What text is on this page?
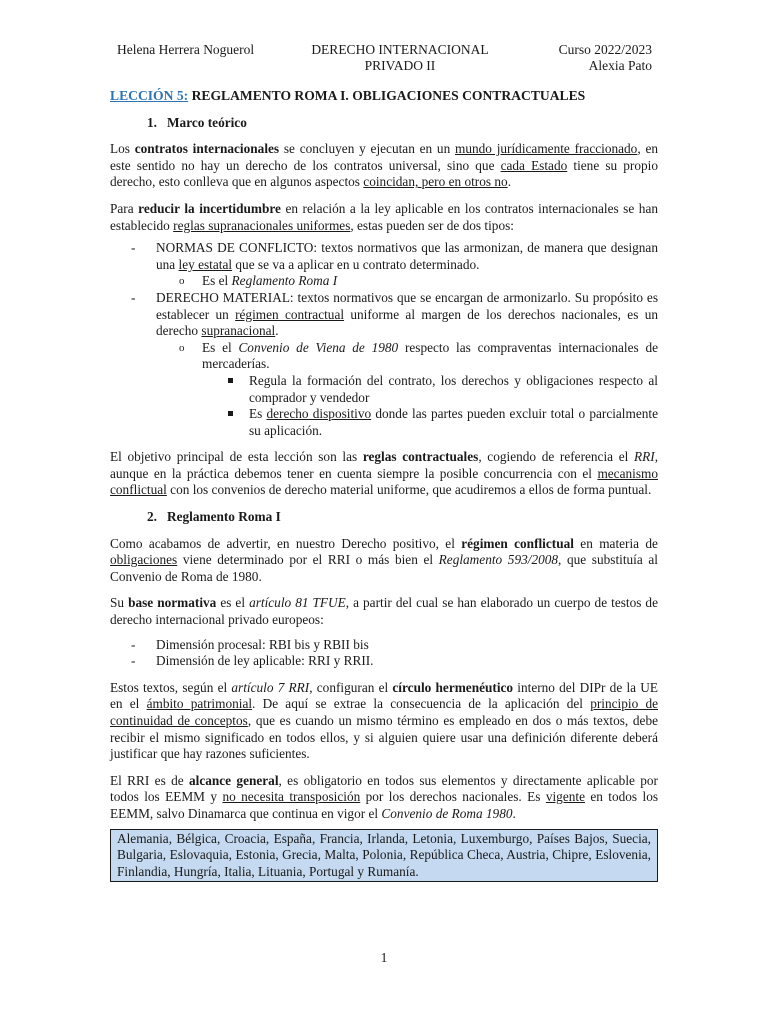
Helena Herrera Noguerol	DERECHO INTERNACIONAL
PRIVADO II
Curso 2022/2023
Alexia Pato
LECCIÓN 5: REGLAMENTO ROMA I. OBLIGACIONES CONTRACTUALES
1. Marco teórico

Los contratos internacionales se concluyen y ejecutan en un mundo jurídicamente fraccionado, en este sentido no hay un derecho de los contratos universal, sino que cada Estado tiene su propio derecho, esto conlleva que en algunos aspectos coincidan, pero en otros no.

Para reducir la incertidumbre en relación a la ley aplicable en los contratos internacionales se han establecido reglas supranacionales uniformes, estas pueden ser de dos tipos:

- NORMAS DE CONFLICTO: textos normativos que las armonizan, de manera que designan una ley estatal que se va a aplicar en u contrato determinado.
o Es el Reglamento Roma I
- DERECHO MATERIAL: textos normativos que se encargan de armonizarlo. Su propósito es establecer un régimen contractual uniforme al margen de los derechos nacionales, es un derecho supranacional.
o Es el Convenio de Viena de 1980 respecto las compraventas internacionales de mercaderías.
Regula la formación del contrato, los derechos y obligaciones respecto al comprador y vendedor
Es derecho dispositivo donde las partes pueden excluir total o parcialmente su aplicación.

El objetivo principal de esta lección son las reglas contractuales, cogiendo de referencia el RRI, aunque en la práctica debemos tener en cuenta siempre la posible concurrencia con el mecanismo conflictual con los convenios de derecho material uniforme, que acudiremos a ellos de forma puntual.

2. Reglamento Roma I

Como acabamos de advertir, en nuestro Derecho positivo, el régimen conflictual en materia de obligaciones viene determinado por el RRI o más bien el Reglamento 593/2008, que substituía al Convenio de Roma de 1980.

Su base normativa es el artículo 81 TFUE, a partir del cual se han elaborado un cuerpo de testos de derecho internacional privado europeos:

- Dimensión procesal: RBI bis y RBII bis
- Dimensión de ley aplicable: RRI y RRII.

Estos textos, según el artículo 7 RRI, configuran el círculo hermenéutico interno del DIPr de la UE en el ámbito patrimonial. De aquí se extrae la consecuencia de la aplicación del principio de continuidad de conceptos, que es cuando un mismo término es empleado en dos o más textos, debe recibir el mismo significado en todos ellos, y si alguien quiere usar una definición diferente deberá justificar que hay razones suficientes.

El RRI es de alcance general, es obligatorio en todos sus elementos y directamente aplicable por todos los EEMM y no necesita transposición por los derechos nacionales. Es vigente en todos los EEMM, salvo Dinamarca que continua en vigor el Convenio de Roma 1980.

Alemania, Bélgica, Croacia, España, Francia, Irlanda, Letonia, Luxemburgo, Países Bajos, Suecia, Bulgaria, Eslovaquia, Estonia, Grecia, Malta, Polonia, República Checa, Austria, Chipre, Eslovenia, Finlandia, Hungría, Italia, Lituania, Portugal y Rumanía.
1
